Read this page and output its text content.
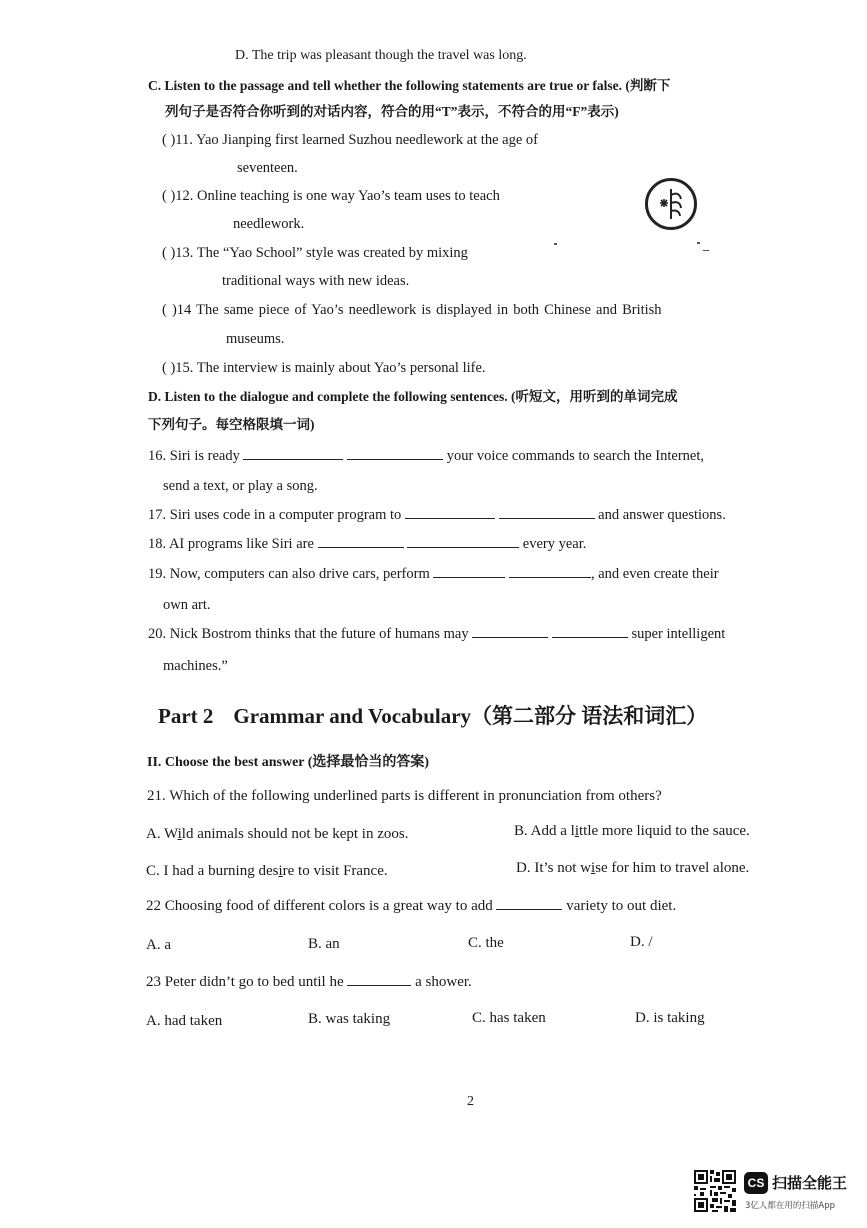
D. The trip was pleasant though the travel was long.
C. Listen to the passage and tell whether the following statements are true or false. (判断下
列句子是否符合你听到的对话内容，符合的用“T”表示，不符合的用“F”表示)
( )11. Yao Jianping first learned Suzhou needlework at the age of
seventeen.
( )12. Online teaching is one way Yao’s team uses to teach
needlework.
( )13. The “Yao School” style was created by mixing
traditional ways with new ideas.
( )14 The same piece of Yao’s needlework is displayed in both Chinese and British
museums.
( )15. The interview is mainly about Yao’s personal life.
D. Listen to the dialogue and complete the following sentences. (听短文，用听到的单词完成
下列句子。每空格限填一词)
16. Siri is ready	your voice commands to search the Internet,
send a text, or play a song.
17. Siri uses code in a computer program to	and answer questions.
18. AI programs like Siri are	every year.
19. Now, computers can also drive cars, perform	, and even create their
own art.
20. Nick Bostrom thinks that the future of humans may	super intelligent
machines.”
Part 2 Grammar and Vocabulary（第二部分 语法和词汇）
II. Choose the best answer (选择最恰当的答案)
21. Which of the following underlined parts is different in pronunciation from others?
A. Wild animals should not be kept in zoos.	B. Add a little more liquid to the sauce.
C. I had a burning desire to visit France.	D. It’s not wise for him to travel alone.
22 Choosing food of different colors is a great way to add	variety to out diet.
A. a	B. an	C. the	D. /
23 Peter didn’t go to bed until he	a shower.
A. had taken	B. was taking	C. has taken	D. is taking
2
CS 扫描全能王
3亿人都在用的扫描App
